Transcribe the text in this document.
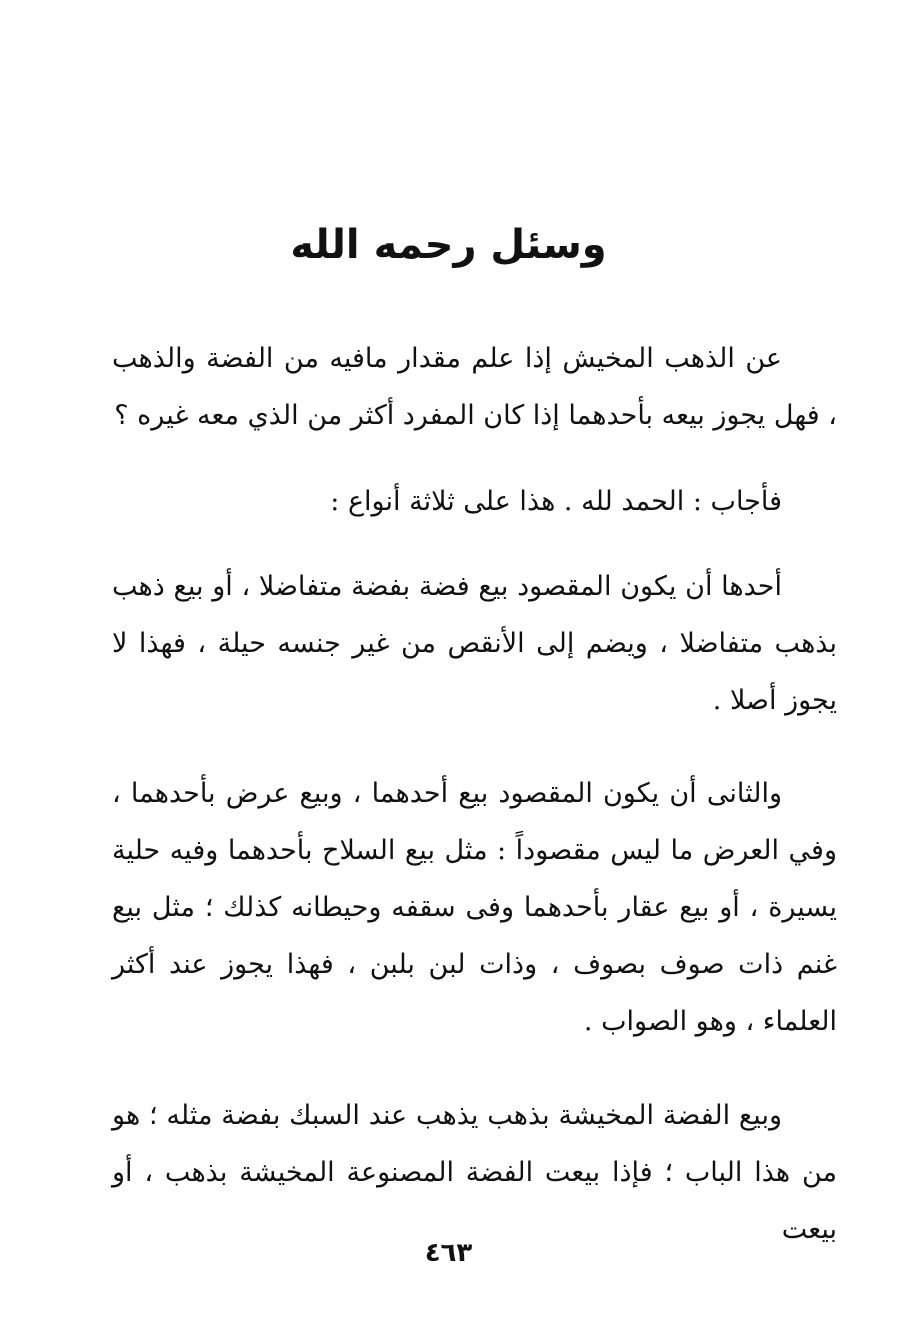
وسئل رحمه الله

عن الذهب المخيش إذا علم مقدار مافيه من الفضة والذهب ، فهل يجوز بيعه بأحدهما إذا كان المفرد أكثر من الذي معه غيره ؟

فأجاب : الحمد لله . هذا على ثلاثة أنواع :

أحدها أن يكون المقصود بيع فضة بفضة متفاضلا ، أو بيع ذهب بذهب متفاضلا ، ويضم إلى الأنقص من غير جنسه حيلة ، فهذا لا يجوز أصلا .

والثانى أن يكون المقصود بيع أحدهما ، وبيع عرض بأحدهما ، وفي العرض ما ليس مقصوداً : مثل بيع السلاح بأحدهما وفيه حلية يسيرة ، أو بيع عقار بأحدهما وفى سقفه وحيطانه كذلك ؛ مثل بيع غنم ذات صوف بصوف ، وذات لبن بلبن ، فهذا يجوز عند أكثر العلماء ، وهو الصواب .

وبيع الفضة المخيشة بذهب يذهب عند السبك بفضة مثله ؛ هو من هذا الباب ؛ فإذا بيعت الفضة المصنوعة المخيشة بذهب ، أو بيعت

٤٦٣
